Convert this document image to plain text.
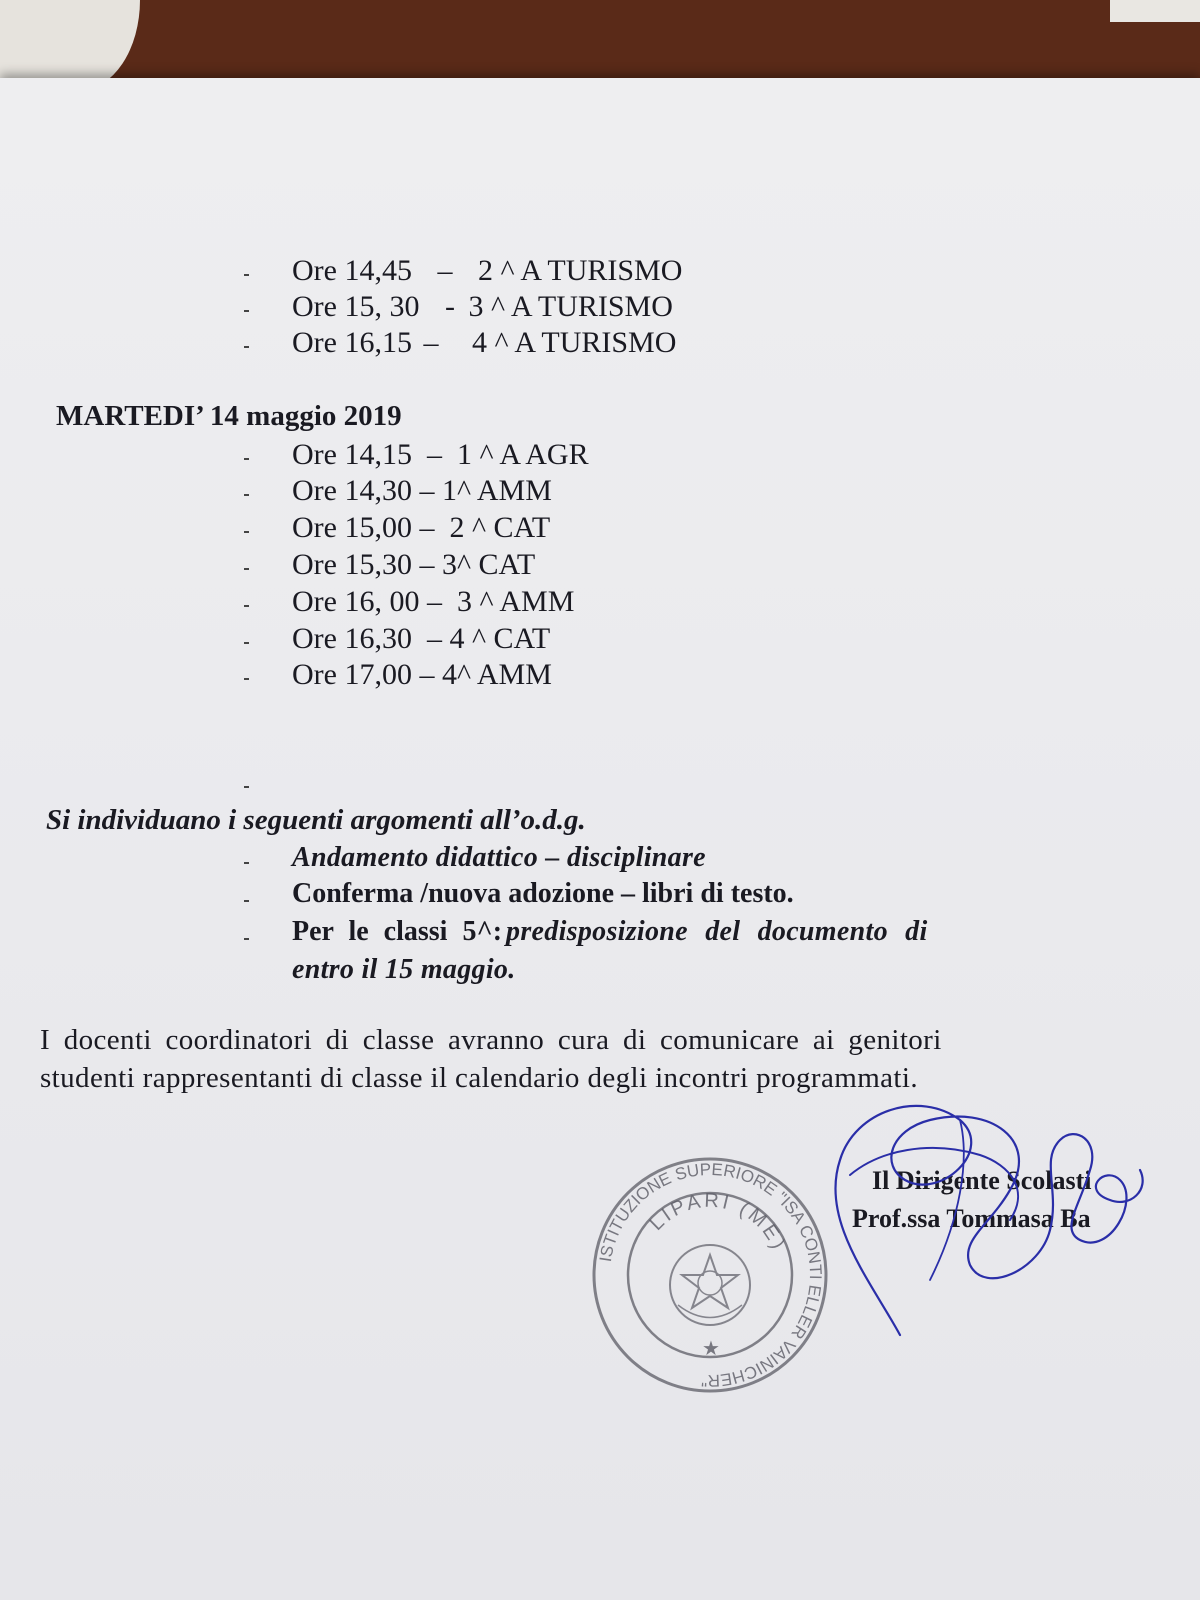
Ore 14,45 – 2 ^ A TURISMO
Ore 15, 30 - 3 ^ A TURISMO
Ore 16,15 – 4 ^ A TURISMO
MARTEDI’ 14 maggio 2019
Ore 14,15  –  1 ^ A AGR
Ore 14,30 – 1^ AMM
Ore 15,00 –  2 ^ CAT
Ore 15,30 – 3^ CAT
Ore 16, 00 –  3 ^ AMM
Ore 16,30  – 4 ^ CAT
Ore 17,00 – 4^ AMM
Si individuano i seguenti argomenti all’o.d.g.
Andamento didattico – disciplinare
Conferma /nuova adozione – libri di testo.
Per le classi 5^: predisposizione del documento di
entro il 15 maggio.
I docenti coordinatori di classe avranno cura di comunicare ai genitori
studenti rappresentanti di classe il calendario degli incontri programmati.
Il Dirigente Scolasti
Prof.ssa Tommasa Ba
ISTITUZIONE SUPERIORE "ISA CONTI ELLER VAINICHER"
LIPARI (ME)
★
